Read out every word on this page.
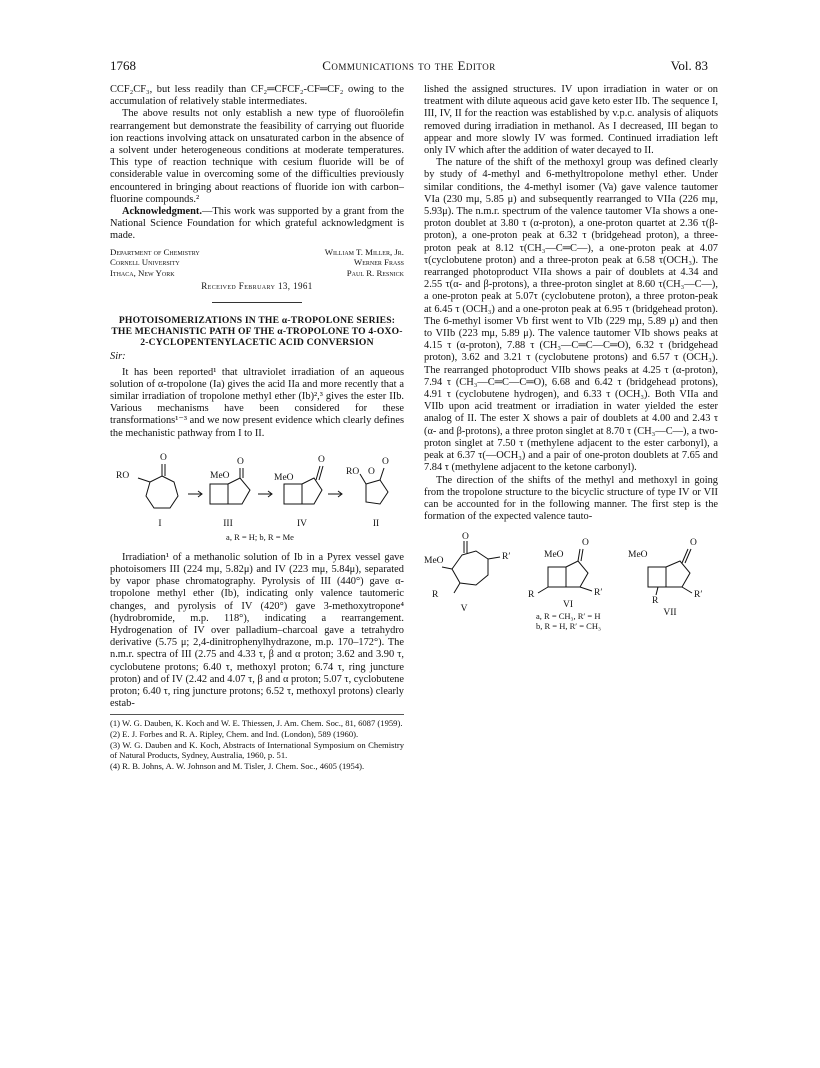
1768	Communications to the Editor	Vol. 83

CCF₂CF₃, but less readily than CF₂═CFCF₂-CF═CF₂ owing to the accumulation of relatively stable intermediates.

The above results not only establish a new type of fluoroölefin rearrangement but demonstrate the feasibility of carrying out fluoride ion reactions involving attack on unsaturated carbon in the absence of a solvent under heterogeneous conditions at moderate temperatures. This type of reaction technique with cesium fluoride will be of considerable value in overcoming some of the difficulties previously encountered in bringing about reactions of fluoride ion with carbon–fluorine compounds.²

Acknowledgment.—This work was supported by a grant from the National Science Foundation for which grateful acknowledgment is made.

Department of Chemistry
Cornell University
Ithaca, New York
William T. Miller, Jr.
Werner Frass
Paul R. Resnick
Received February 13, 1961
PHOTOISOMERIZATIONS IN THE α-TROPOLONE SERIES: THE MECHANISTIC PATH OF THE α-TROPOLONE TO 4-OXO-2-CYCLOPENTENYLACETIC ACID CONVERSION
Sir:

It has been reported¹ that ultraviolet irradiation of an aqueous solution of α-tropolone (Ia) gives the acid IIa and more recently that a similar irradiation of tropolone methyl ether (Ib)²,³ gives the ester IIb. Various mechanisms have been considered for these transformations¹⁻³ and we now present evidence which clearly defines the mechanistic pathway from I to II.

RO
O
MeO
O
MeO
O
RO O
O
I	III	IV	II
a, R = H; b, R = Me

Irradiation¹ of a methanolic solution of Ib in a Pyrex vessel gave photoisomers III (224 mμ, 5.82μ) and IV (223 mμ, 5.84μ), separated by vapor phase chromatography. Pyrolysis of III (440°) gave α-tropolone methyl ether (Ib), indicating only valence tautomeric changes, and pyrolysis of IV (420°) gave 3-methoxytropone⁴ (hydrobromide, m.p. 118°), indicating a rearrangement. Hydrogenation of IV over palladium–charcoal gave a tetrahydro derivative (5.75 μ; 2,4-dinitrophenylhydrazone, m.p. 170–172°). The n.m.r. spectra of III (2.75 and 4.33 τ, β and α proton; 3.62 and 3.90 τ, cyclobutene protons; 6.40 τ, methoxyl proton; 6.74 τ, ring juncture proton) and of IV (2.42 and 4.07 τ, β and α proton; 5.07 τ, cyclobutene proton; 6.40 τ, ring juncture protons; 6.52 τ, methoxyl protons) clearly estab-

(1) W. G. Dauben, K. Koch and W. E. Thiessen, J. Am. Chem. Soc., 81, 6087 (1959).
(2) E. J. Forbes and R. A. Ripley, Chem. and Ind. (London), 589 (1960).
(3) W. G. Dauben and K. Koch, Abstracts of International Symposium on Chemistry of Natural Products, Sydney, Australia, 1960, p. 51.
(4) R. B. Johns, A. W. Johnson and M. Tisler, J. Chem. Soc., 4605 (1954).

lished the assigned structures. IV upon irradiation in water or on treatment with dilute aqueous acid gave keto ester IIb. The sequence I, III, IV, II for the reaction was established by v.p.c. analysis of aliquots removed during irradiation in methanol. As I decreased, III began to appear and more slowly IV was formed. Continued irradiation left only IV which after the addition of water decayed to II.

The nature of the shift of the methoxyl group was defined clearly by study of 4-methyl and 6-methyltropolone methyl ether. Under similar conditions, the 4-methyl isomer (Va) gave valence tautomer VIa (230 mμ, 5.85 μ) and subsequently rearranged to VIIa (226 mμ, 5.93μ). The n.m.r. spectrum of the valence tautomer VIa shows a one-proton doublet at 3.80 τ (α-proton), a one-proton quartet at 2.36 τ(β-proton), a one-proton peak at 6.32 τ (bridgehead proton), a three-proton peak at 8.12 τ(CH₃—C═C—), a one-proton peak at 4.07 τ(cyclobutene proton) and a three-proton peak at 6.58 τ(OCH₃). The rearranged photoproduct VIIa shows a pair of doublets at 4.34 and 2.55 τ(α- and β-protons), a three-proton singlet at 8.60 τ(CH₃—C—), a one-proton peak at 5.07τ (cyclobutene proton), a three proton-peak at 6.45 τ (OCH₃) and a one-proton peak at 6.95 τ (bridgehead proton). The 6-methyl isomer Vb first went to VIb (229 mμ, 5.89 μ) and then to VIIb (223 mμ, 5.89 μ). The valence tautomer VIb shows peaks at 4.15 τ (α-proton), 7.88 τ (CH₃—C═C—C═O), 6.32 τ (bridgehead proton), 3.62 and 3.21 τ (cyclobutene protons) and 6.57 τ (OCH₃). The rearranged photoproduct VIIb shows peaks at 4.25 τ (α-proton), 7.94 τ (CH₃—C═C—C═O), 6.68 and 6.42 τ (bridgehead protons), 4.91 τ (cyclobutene hydrogen), and 6.33 τ (OCH₃). Both VIIa and VIIb upon acid treatment or irradiation in water yielded the ester analog of II. The ester X shows a pair of doublets at 4.00 and 2.43 τ (α- and β-protons), a three proton singlet at 8.70 τ (CH₃—C—), a two-proton singlet at 7.50 τ (methylene adjacent to the ester carbonyl), a peak at 6.37 τ(—OCH₃) and a pair of one-proton doublets at 7.65 and 7.84 τ (methylene adjacent to the ketone carbonyl).

The direction of the shifts of the methyl and methoxyl in going from the tropolone structure to the bicyclic structure of type IV or VII can be accounted for in the following manner. The first step is the formation of the expected valence tauto-

MeO
O
R
R′	MeO
O
R	R′
MeO
O
R
R′
V	VI
VII
a, R = CH₃, R′ = H
b, R = H, R′ = CH₃
